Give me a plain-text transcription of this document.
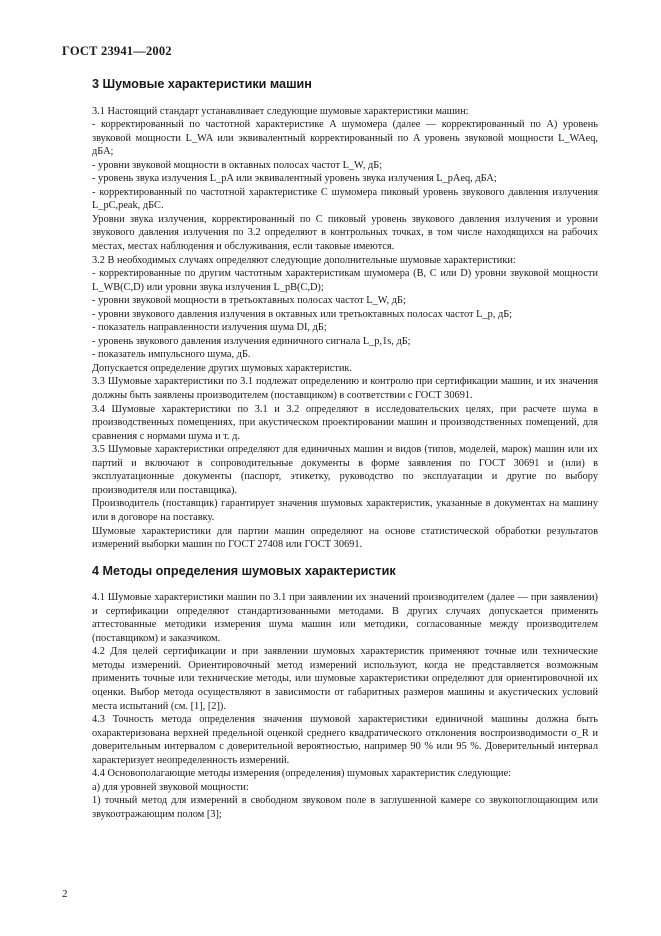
ГОСТ 23941—2002
3 Шумовые характеристики машин

3.1 Настоящий стандарт устанавливает следующие шумовые характеристики машин:

- корректированный по частотной характеристике A шумомера (далее — корректированный по A) уровень звуковой мощности L_WA или эквивалентный корректированный по A уровень звуковой мощности L_WAeq, дБА;

- уровни звуковой мощности в октавных полосах частот L_W, дБ;

- уровень звука излучения L_pA или эквивалентный уровень звука излучения L_pAeq, дБА;

- корректированный по частотной характеристике C шумомера пиковый уровень звукового давления излучения L_pC,peak, дБC.

Уровни звука излучения, корректированный по C пиковый уровень звукового давления излучения и уровни звукового давления излучения по 3.2 определяют в контрольных точках, в том числе находящихся на рабочих местах, местах наблюдения и обслуживания, если таковые имеются.

3.2 В необходимых случаях определяют следующие дополнительные шумовые характеристики:

- корректированные по другим частотным характеристикам шумомера (B, C или D) уровни звуковой мощности L_WB(C,D) или уровни звука излучения L_pB(C,D);

- уровни звуковой мощности в третьоктавных полосах частот L_W, дБ;

- уровни звукового давления излучения в октавных или третьоктавных полосах частот L_p, дБ;

- показатель направленности излучения шума DI, дБ;

- уровень звукового давления излучения единичного сигнала L_p,1s, дБ;

- показатель импульсного шума, дБ.

Допускается определение других шумовых характеристик.

3.3 Шумовые характеристики по 3.1 подлежат определению и контролю при сертификации машин, и их значения должны быть заявлены производителем (поставщиком) в соответствии с ГОСТ 30691.

3.4 Шумовые характеристики по 3.1 и 3.2 определяют в исследовательских целях, при расчете шума в производственных помещениях, при акустическом проектировании машин и производственных помещений, для сравнения с нормами шума и т. д.

3.5 Шумовые характеристики определяют для единичных машин и видов (типов, моделей, марок) машин или их партий и включают в сопроводительные документы в форме заявления по ГОСТ 30691 и (или) в эксплуатационные документы (паспорт, этикетку, руководство по эксплуатации и другие по выбору производителя или поставщика).

Производитель (поставщик) гарантирует значения шумовых характеристик, указанные в документах на машину или в договоре на поставку.

Шумовые характеристики для партии машин определяют на основе статистической обработки результатов измерений выборки машин по ГОСТ 27408 или ГОСТ 30691.

4 Методы определения шумовых характеристик

4.1 Шумовые характеристики машин по 3.1 при заявлении их значений производителем (далее — при заявлении) и сертификации определяют стандартизованными методами. В других случаях допускается применять аттестованные методики измерения шума машин или методики, согласованные между производителем (поставщиком) и заказчиком.

4.2 Для целей сертификации и при заявлении шумовых характеристик применяют точные или технические методы измерений. Ориентировочный метод измерений используют, когда не представляется возможным применить точные или технические методы, или шумовые характеристики определяют для ориентировочной их оценки. Выбор метода осуществляют в зависимости от габаритных размеров машины и акустических условий места испытаний (см. [1], [2]).

4.3 Точность метода определения значения шумовой характеристики единичной машины должна быть охарактеризована верхней предельной оценкой среднего квадратического отклонения воспроизводимости σ_R и доверительным интервалом с доверительной вероятностью, например 90 % или 95 %. Доверительный интервал характеризует неопределенность измерений.

4.4 Основополагающие методы измерения (определения) шумовых характеристик следующие:

а) для уровней звуковой мощности:

1) точный метод для измерений в свободном звуковом поле в заглушенной камере со звукопоглощающим или звукоотражающим полом [3];

2
